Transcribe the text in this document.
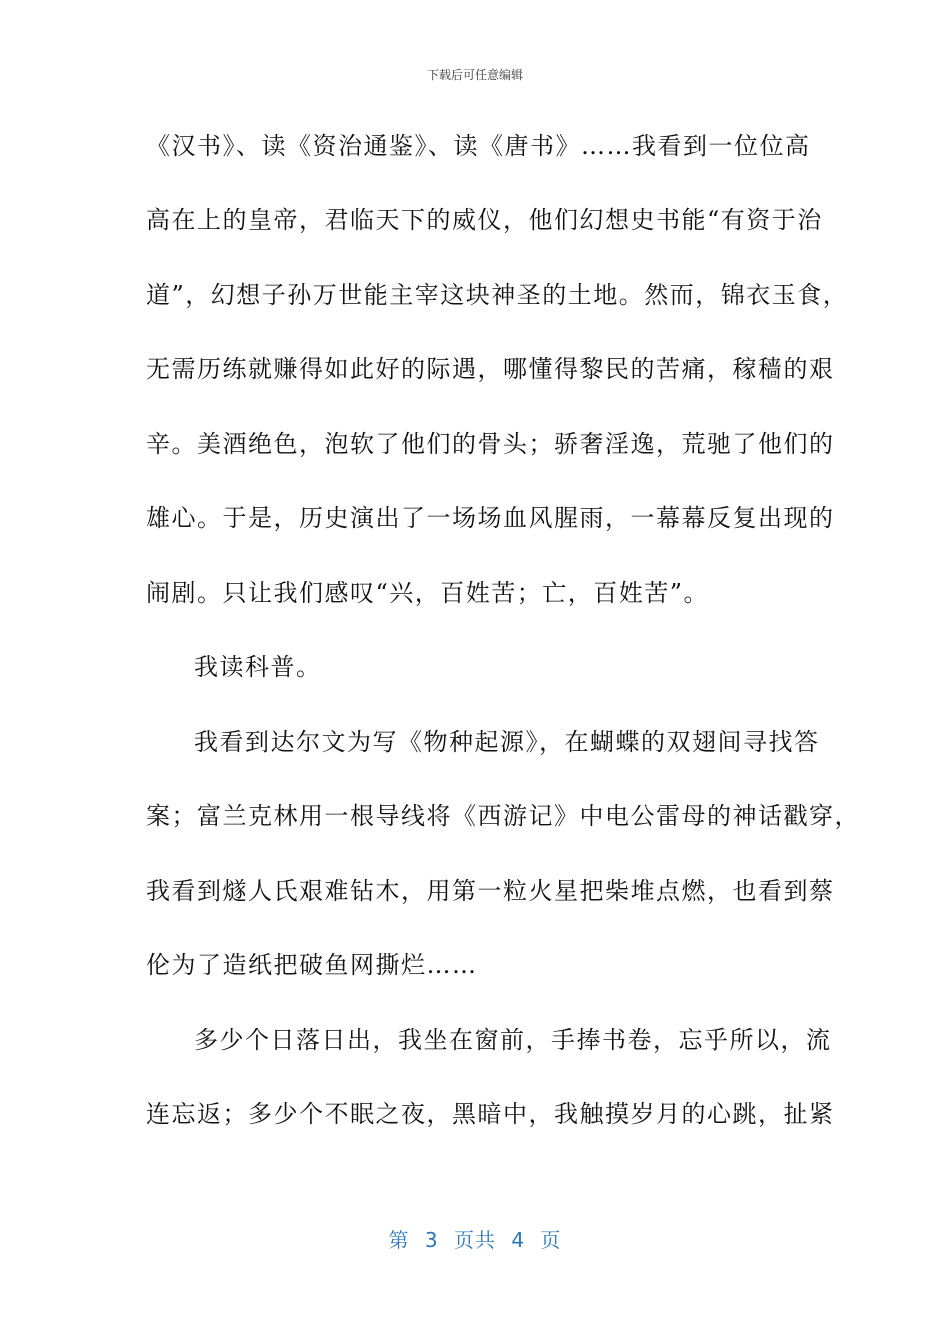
下载后可任意编辑
《汉书》、读《资治通鉴》、读《唐书》……我看到一位位高
高在上的皇帝，君临天下的威仪，他们幻想史书能“有资于治
道”，幻想子孙万世能主宰这块神圣的土地。然而，锦衣玉食，
无需历练就赚得如此好的际遇，哪懂得黎民的苦痛，稼穑的艰
辛。美酒绝色，泡软了他们的骨头；骄奢淫逸，荒驰了他们的
雄心。于是，历史演出了一场场血风腥雨，一幕幕反复出现的
闹剧。只让我们感叹“兴，百姓苦；亡，百姓苦”。
我读科普。
我看到达尔文为写《物种起源》，在蝴蝶的双翅间寻找答
案；富兰克林用一根导线将《西游记》中电公雷母的神话戳穿，
我看到燧人氏艰难钻木，用第一粒火星把柴堆点燃，也看到蔡
伦为了造纸把破鱼网撕烂……
多少个日落日出，我坐在窗前，手捧书卷，忘乎所以，流
连忘返；多少个不眠之夜，黑暗中，我触摸岁月的心跳，扯紧
第 3 页共 4 页
